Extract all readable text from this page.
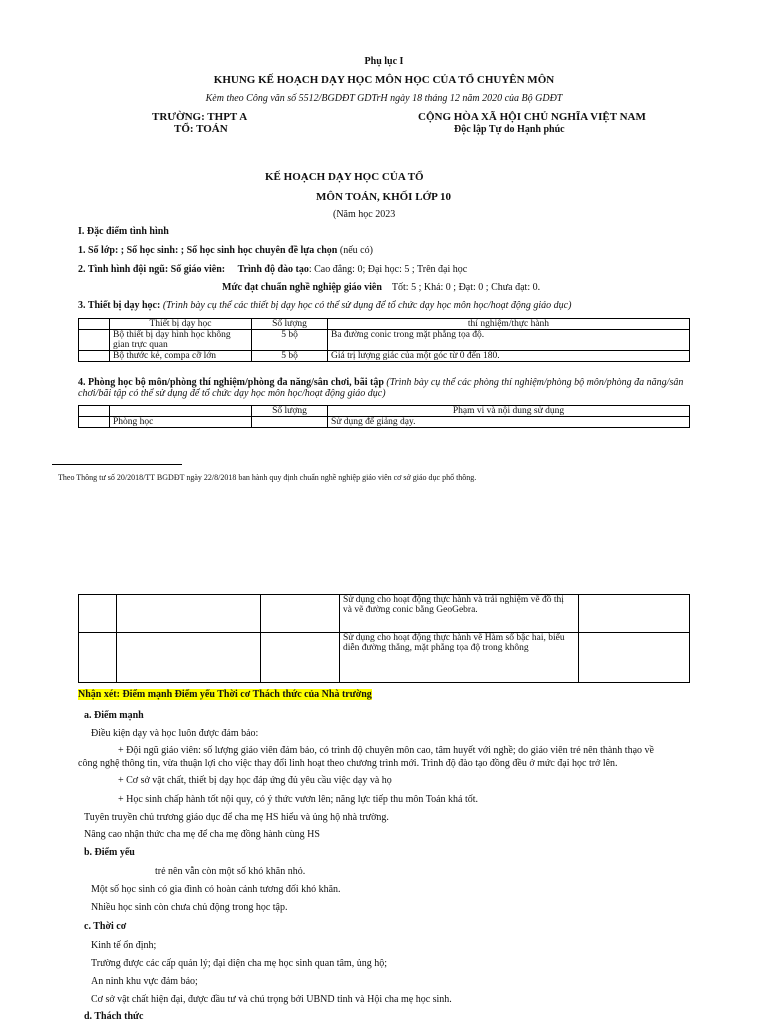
Phụ lục I
KHUNG KẾ HOẠCH DẠY HỌC MÔN HỌC CỦA TỔ CHUYÊN MÔN
Kèm theo Công văn số 5512/BGDĐT GDTrH ngày 18 tháng 12 năm 2020 của Bộ GDĐT
TRƯỜNG: THPT A
TỔ: TOÁN
CỘNG HÒA XÃ HỘI CHỦ NGHĨA VIỆT NAM
Độc lập Tự do Hạnh phúc
KẾ HOẠCH DẠY HỌC CỦA TỔ
MÔN TOÁN, KHỐI LỚP 10
(Năm học 2023
I. Đặc điểm tình hình
1. Số lớp: ; Số học sinh: ; Số học sinh học chuyên đề lựa chọn (nếu có)
2. Tình hình đội ngũ: Số giáo viên: Trình độ đào tạo: Cao đẳng: 0; Đại học: 5 ; Trên đại học
Mức đạt chuẩn nghề nghiệp giáo viên Tốt: 5 ; Khá: 0 ; Đạt: 0 ; Chưa đạt: 0.
3. Thiết bị dạy học: (Trình bày cụ thể các thiết bị dạy học có thể sử dụng để tổ chức dạy học môn học/hoạt động giáo dục)
	Thiết bị dạy học	Số lượng	thí nghiệm/thực hành
	Bộ thiết bị dạy hình học không gian trực quan	5 bộ	Ba đường conic trong mặt phẳng tọa độ.
	Bộ thước kẻ, compa cỡ lớn	5 bộ	Giá trị lượng giác của một góc từ 0 đến 180.
4. Phòng học bộ môn/phòng thí nghiệm/phòng đa năng/sân chơi, bãi tập (Trình bày cụ thể các phòng thí nghiệm/phòng bộ môn/phòng đa năng/sân chơi/bãi tập có thể sử dụng để tổ chức dạy học môn học/hoạt động giáo dục)
		Số lượng	Phạm vi và nội dung sử dụng
	Phòng học		Sử dụng để giảng dạy.
Theo Thông tư số 20/2018/TT BGDĐT ngày 22/8/2018 ban hành quy định chuẩn nghề nghiệp giáo viên cơ sở giáo dục phổ thông.
			Sử dụng cho hoạt động thực hành và trải nghiệm vẽ đồ thị và vẽ đường conic bằng GeoGebra.	
			Sử dụng cho hoạt động thực hành vẽ Hàm số bậc hai, biểu diễn đường thẳng, mặt phẳng tọa độ trong không	
Nhận xét: Điểm mạnh Điểm yếu Thời cơ Thách thức của Nhà trường
a. Điểm mạnh
Điều kiện dạy và học luôn được đảm bảo:
+ Đội ngũ giáo viên: số lượng giáo viên đảm bảo, có trình độ chuyên môn cao, tâm huyết với nghề; do giáo viên trẻ nên thành thạo về
công nghệ thông tin, vừa thuận lợi cho việc thay đổi linh hoạt theo chương trình mới. Trình độ đào tạo đồng đều ở mức đại học trở lên.
+ Cơ sở vật chất, thiết bị dạy học đáp ứng đủ yêu cầu việc dạy và họ
+ Học sinh chấp hành tốt nội quy, có ý thức vươn lên; năng lực tiếp thu môn Toán khá tốt.
Tuyên truyền chủ trương giáo dục để cha mẹ HS hiểu và ủng hộ nhà trường.
Nâng cao nhận thức cha mẹ để cha mẹ đồng hành cùng HS
b. Điểm yếu
trẻ nên vẫn còn một số khó khăn nhỏ.
Một số học sinh có gia đình có hoàn cảnh tương đối khó khăn.
Nhiều học sinh còn chưa chủ động trong học tập.
c. Thời cơ
Kinh tế ổn định;
Trường được các cấp quản lý; đại diện cha mẹ học sinh quan tâm, ủng hộ;
An ninh khu vực đảm bảo;
Cơ sở vật chất hiện đại, được đầu tư và chú trọng bởi UBND tỉnh và Hội cha mẹ học sinh.
d. Thách thức
